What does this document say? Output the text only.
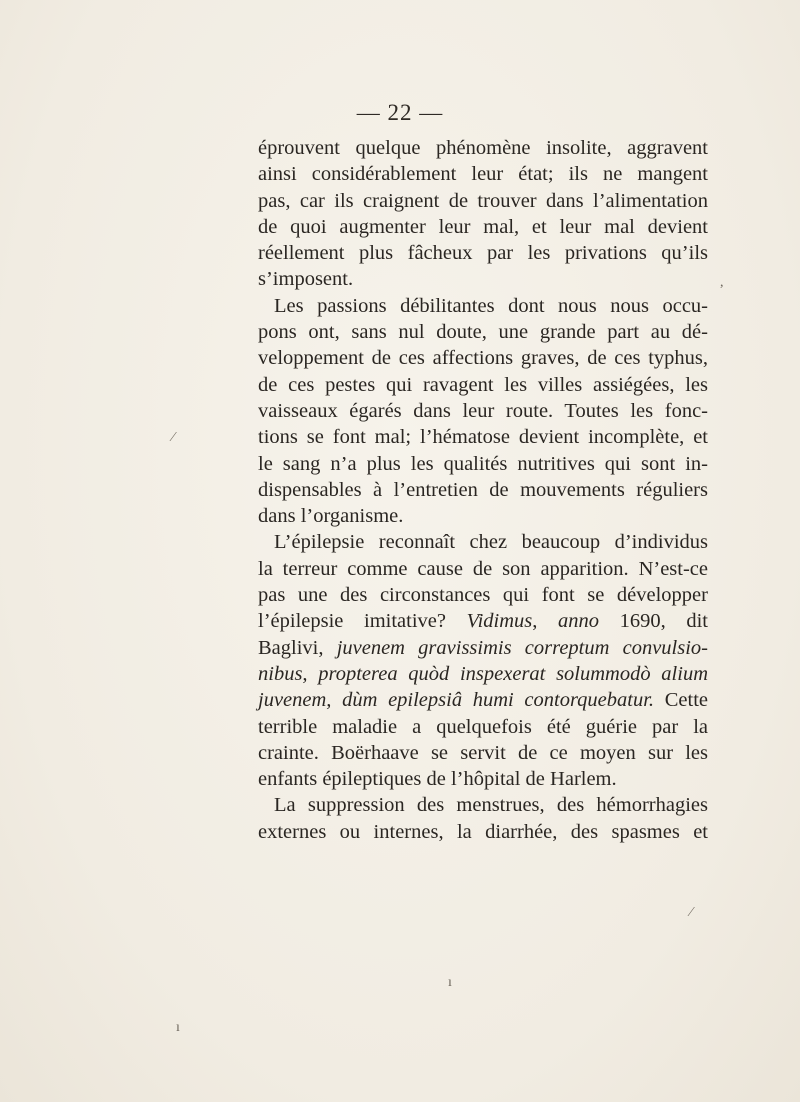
— 22 —
éprouvent quelque phénomène insolite, aggravent
ainsi considérablement leur état; ils ne mangent
pas, car ils craignent de trouver dans l’alimentation
de quoi augmenter leur mal, et leur mal devient
réellement plus fâcheux par les privations qu’ils
s’imposent.
Les passions débilitantes dont nous nous occu-
pons ont, sans nul doute, une grande part au dé-
veloppement de ces affections graves, de ces typhus,
de ces pestes qui ravagent les villes assiégées, les
vaisseaux égarés dans leur route. Toutes les fonc-
tions se font mal; l’hématose devient incomplète, et
le sang n’a plus les qualités nutritives qui sont in-
dispensables à l’entretien de mouvements réguliers
dans l’organisme.
L’épilepsie reconnaît chez beaucoup d’individus
la terreur comme cause de son apparition. N’est-ce
pas une des circonstances qui font se développer
l’épilepsie imitative? Vidimus, anno 1690, dit
Baglivi, juvenem gravissimis correptum convulsio-
nibus, propterea quòd inspexerat solummodò alium
juvenem, dùm epilepsiâ humi contorquebatur. Cette
terrible maladie a quelquefois été guérie par la
crainte. Boërhaave se servit de ce moyen sur les
enfants épileptiques de l’hôpital de Harlem.
La suppression des menstrues, des hémorrhagies
externes ou internes, la diarrhée, des spasmes et
,
⁄
⁄
ı
ı
